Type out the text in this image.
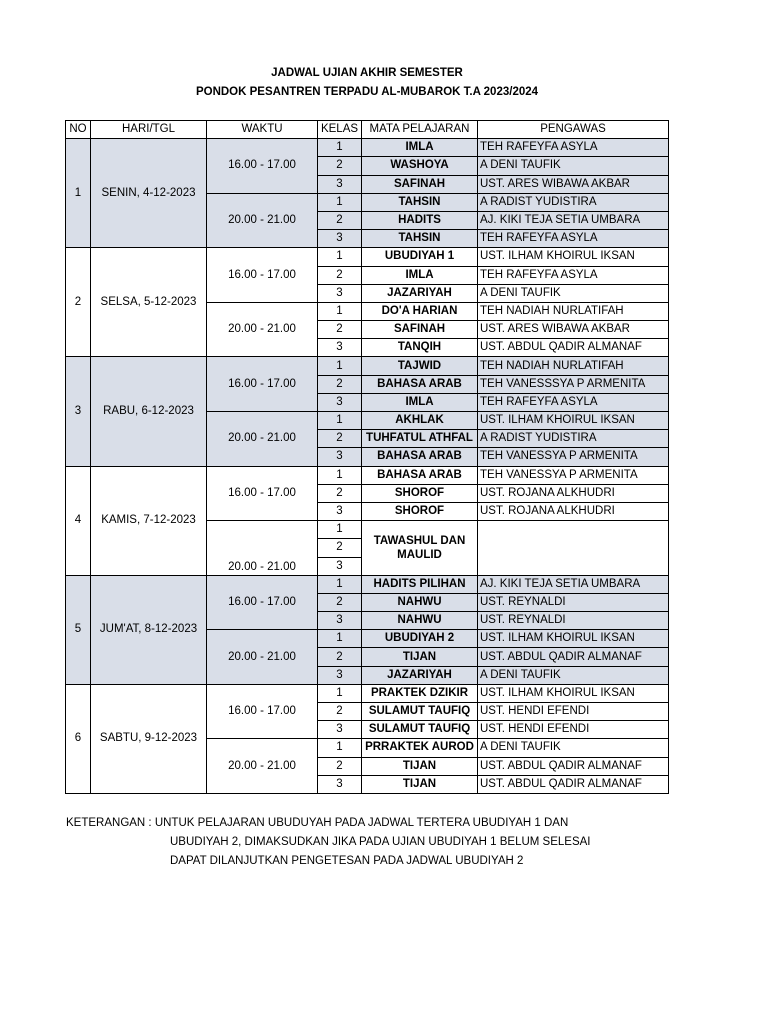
JADWAL UJIAN AKHIR SEMESTER
PONDOK PESANTREN TERPADU AL-MUBAROK T.A 2023/2024
NO	HARI/TGL	WAKTU	KELAS	MATA PELAJARAN	PENGAWAS
1	SENIN, 4-12-2023	16.00 - 17.00	1	IMLA	TEH RAFEYFA ASYLA
			2	WASHOYA	A DENI TAUFIK
			3	SAFINAH	UST. ARES WIBAWA AKBAR
		20.00 - 21.00	1	TAHSIN	A RADIST YUDISTIRA
			2	HADITS	AJ. KIKI TEJA SETIA UMBARA
			3	TAHSIN	TEH RAFEYFA ASYLA
2	SELSA, 5-12-2023	16.00 - 17.00	1	UBUDIYAH 1	UST. ILHAM KHOIRUL IKSAN
			2	IMLA	TEH RAFEYFA ASYLA
			3	JAZARIYAH	A DENI TAUFIK
		20.00 - 21.00	1	DO'A HARIAN	TEH NADIAH NURLATIFAH
			2	SAFINAH	UST. ARES WIBAWA AKBAR
			3	TANQIH	UST. ABDUL QADIR ALMANAF
3	RABU, 6-12-2023	16.00 - 17.00	1	TAJWID	TEH NADIAH NURLATIFAH
			2	BAHASA ARAB	TEH VANESSSYA P ARMENITA
			3	IMLA	TEH RAFEYFA ASYLA
		20.00 - 21.00	1	AKHLAK	UST. ILHAM KHOIRUL IKSAN
			2	TUHFATUL ATHFAL	A RADIST YUDISTIRA
			3	BAHASA ARAB	TEH VANESSYA P ARMENITA
4	KAMIS, 7-12-2023	16.00 - 17.00	1	BAHASA ARAB	TEH VANESSYA P ARMENITA
			2	SHOROF	UST. ROJANA ALKHUDRI
			3	SHOROF	UST. ROJANA ALKHUDRI
		20.00 - 21.00	1	TAWASHUL DAN MAULID	
			2		
			3		
5	JUM'AT, 8-12-2023	16.00 - 17.00	1	HADITS PILIHAN	AJ. KIKI TEJA SETIA UMBARA
			2	NAHWU	UST. REYNALDI
			3	NAHWU	UST. REYNALDI
		20.00 - 21.00	1	UBUDIYAH 2	UST. ILHAM KHOIRUL IKSAN
			2	TIJAN	UST. ABDUL QADIR ALMANAF
			3	JAZARIYAH	A DENI TAUFIK
6	SABTU, 9-12-2023	16.00 - 17.00	1	PRAKTEK DZIKIR	UST. ILHAM KHOIRUL IKSAN
			2	SULAMUT TAUFIQ	UST. HENDI EFENDI
			3	SULAMUT TAUFIQ	UST. HENDI EFENDI
		20.00 - 21.00	1	PRRAKTEK AUROD	A DENI TAUFIK
			2	TIJAN	UST. ABDUL QADIR ALMANAF
			3	TIJAN	UST. ABDUL QADIR ALMANAF
KETERANGAN : UNTUK PELAJARAN UBUDUYAH PADA JADWAL TERTERA UBUDIYAH 1 DAN
UBUDIYAH 2, DIMAKSUDKAN JIKA PADA UJIAN UBUDIYAH 1 BELUM SELESAI
DAPAT DILANJUTKAN PENGETESAN PADA JADWAL UBUDIYAH 2
